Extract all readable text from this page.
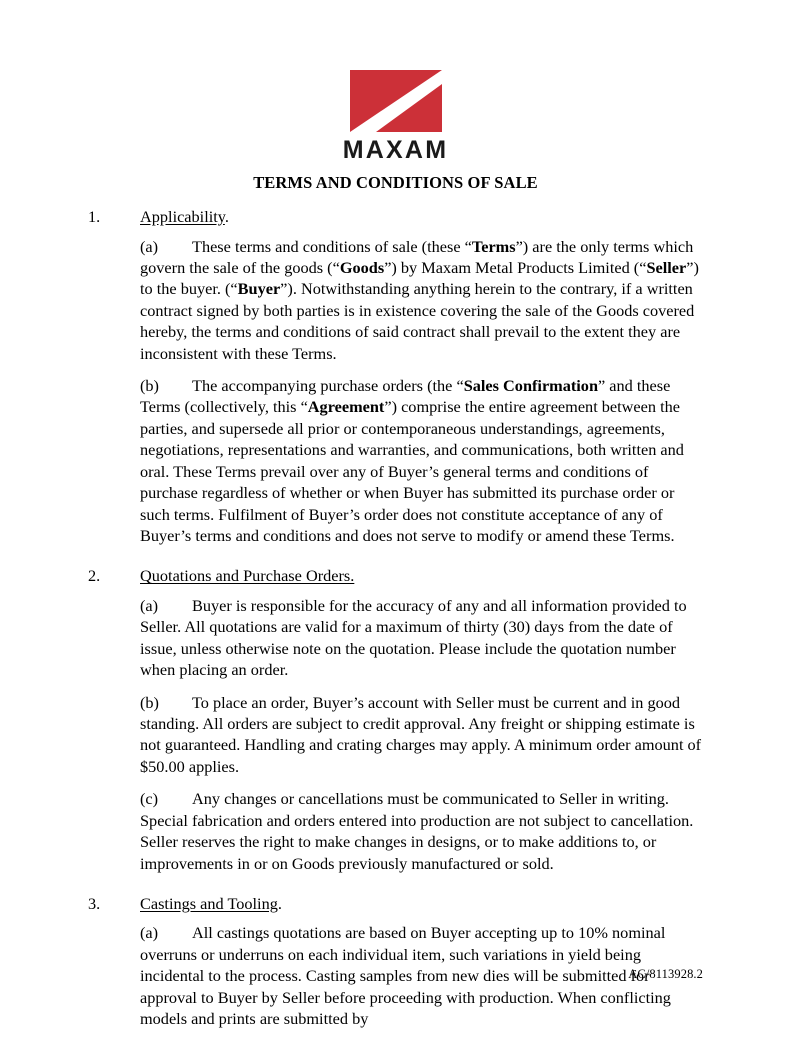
MAXAM
TERMS AND CONDITIONS OF SALE
1.	Applicability.

(a) These terms and conditions of sale (these “Terms”) are the only terms which govern the sale of the goods (“Goods”) by Maxam Metal Products Limited (“Seller”) to the buyer. (“Buyer”). Notwithstanding anything herein to the contrary, if a written contract signed by both parties is in existence covering the sale of the Goods covered hereby, the terms and conditions of said contract shall prevail to the extent they are inconsistent with these Terms.

(b) The accompanying purchase orders (the “Sales Confirmation” and these Terms (collectively, this “Agreement”) comprise the entire agreement between the parties, and supersede all prior or contemporaneous understandings, agreements, negotiations, representations and warranties, and communications, both written and oral. These Terms prevail over any of Buyer’s general terms and conditions of purchase regardless of whether or when Buyer has submitted its purchase order or such terms. Fulfilment of Buyer’s order does not constitute acceptance of any of Buyer’s terms and conditions and does not serve to modify or amend these Terms.

2.	Quotations and Purchase Orders.

(a) Buyer is responsible for the accuracy of any and all information provided to Seller. All quotations are valid for a maximum of thirty (30) days from the date of issue, unless otherwise note on the quotation. Please include the quotation number when placing an order.

(b) To place an order, Buyer’s account with Seller must be current and in good standing. All orders are subject to credit approval. Any freight or shipping estimate is not guaranteed. Handling and crating charges may apply. A minimum order amount of $50.00 applies.

(c) Any changes or cancellations must be communicated to Seller in writing. Special fabrication and orders entered into production are not subject to cancellation. Seller reserves the right to make changes in designs, or to make additions to, or improvements in or on Goods previously manufactured or sold.

3.	Castings and Tooling.

(a) All castings quotations are based on Buyer accepting up to 10% nominal overruns or underruns on each individual item, such variations in yield being incidental to the process. Casting samples from new dies will be submitted for approval to Buyer by Seller before proceeding with production. When conflicting models and prints are submitted by

AC/8113928.2
